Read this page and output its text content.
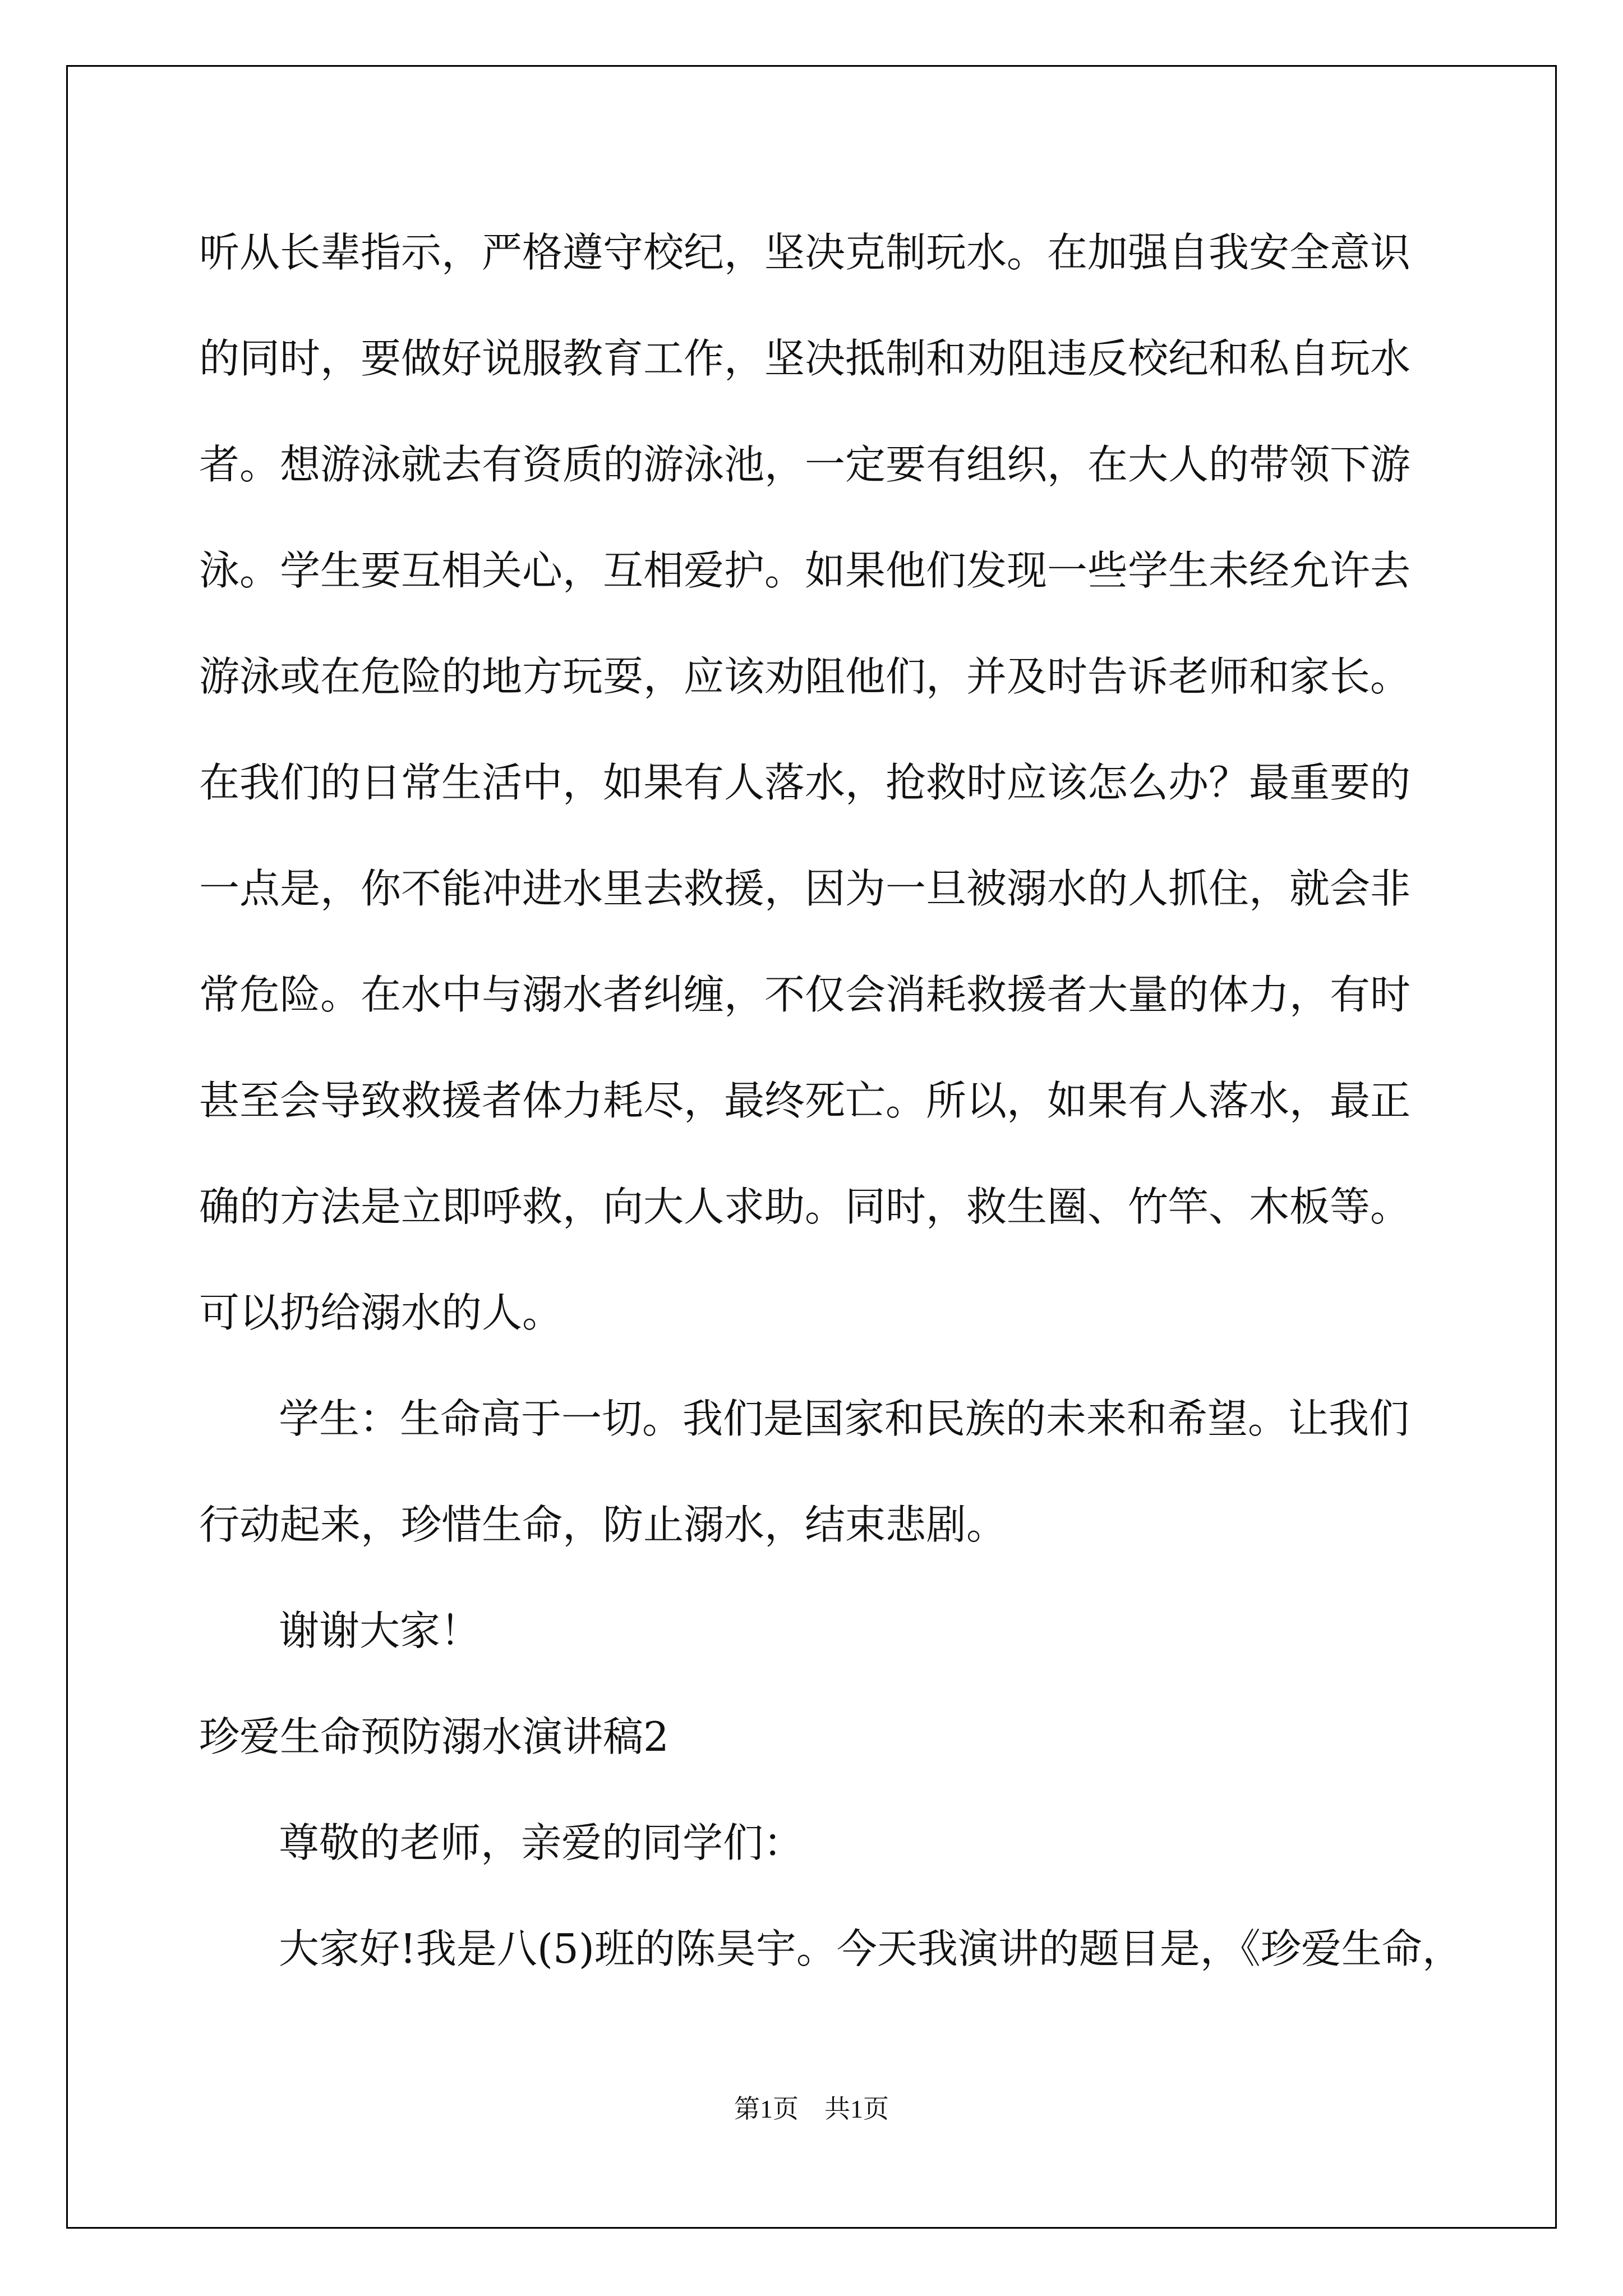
听从长辈指示，严格遵守校纪，坚决克制玩水。在加强自我安全意识
的同时，要做好说服教育工作，坚决抵制和劝阻违反校纪和私自玩水
者。想游泳就去有资质的游泳池，一定要有组织，在大人的带领下游
泳。学生要互相关心，互相爱护。如果他们发现一些学生未经允许去
游泳或在危险的地方玩耍，应该劝阻他们，并及时告诉老师和家长。
在我们的日常生活中，如果有人落水，抢救时应该怎么办？最重要的
一点是，你不能冲进水里去救援，因为一旦被溺水的人抓住，就会非
常危险。在水中与溺水者纠缠，不仅会消耗救援者大量的体力，有时
甚至会导致救援者体力耗尽，最终死亡。所以，如果有人落水，最正
确的方法是立即呼救，向大人求助。同时，救生圈、竹竿、木板等。
可以扔给溺水的人。
学生：生命高于一切。我们是国家和民族的未来和希望。让我们
行动起来，珍惜生命，防止溺水，结束悲剧。
谢谢大家！
珍爱生命预防溺水演讲稿2
尊敬的老师，亲爱的同学们：
大家好!我是八(5)班的陈昊宇。今天我演讲的题目是，《珍爱生命，
第1页　共1页
